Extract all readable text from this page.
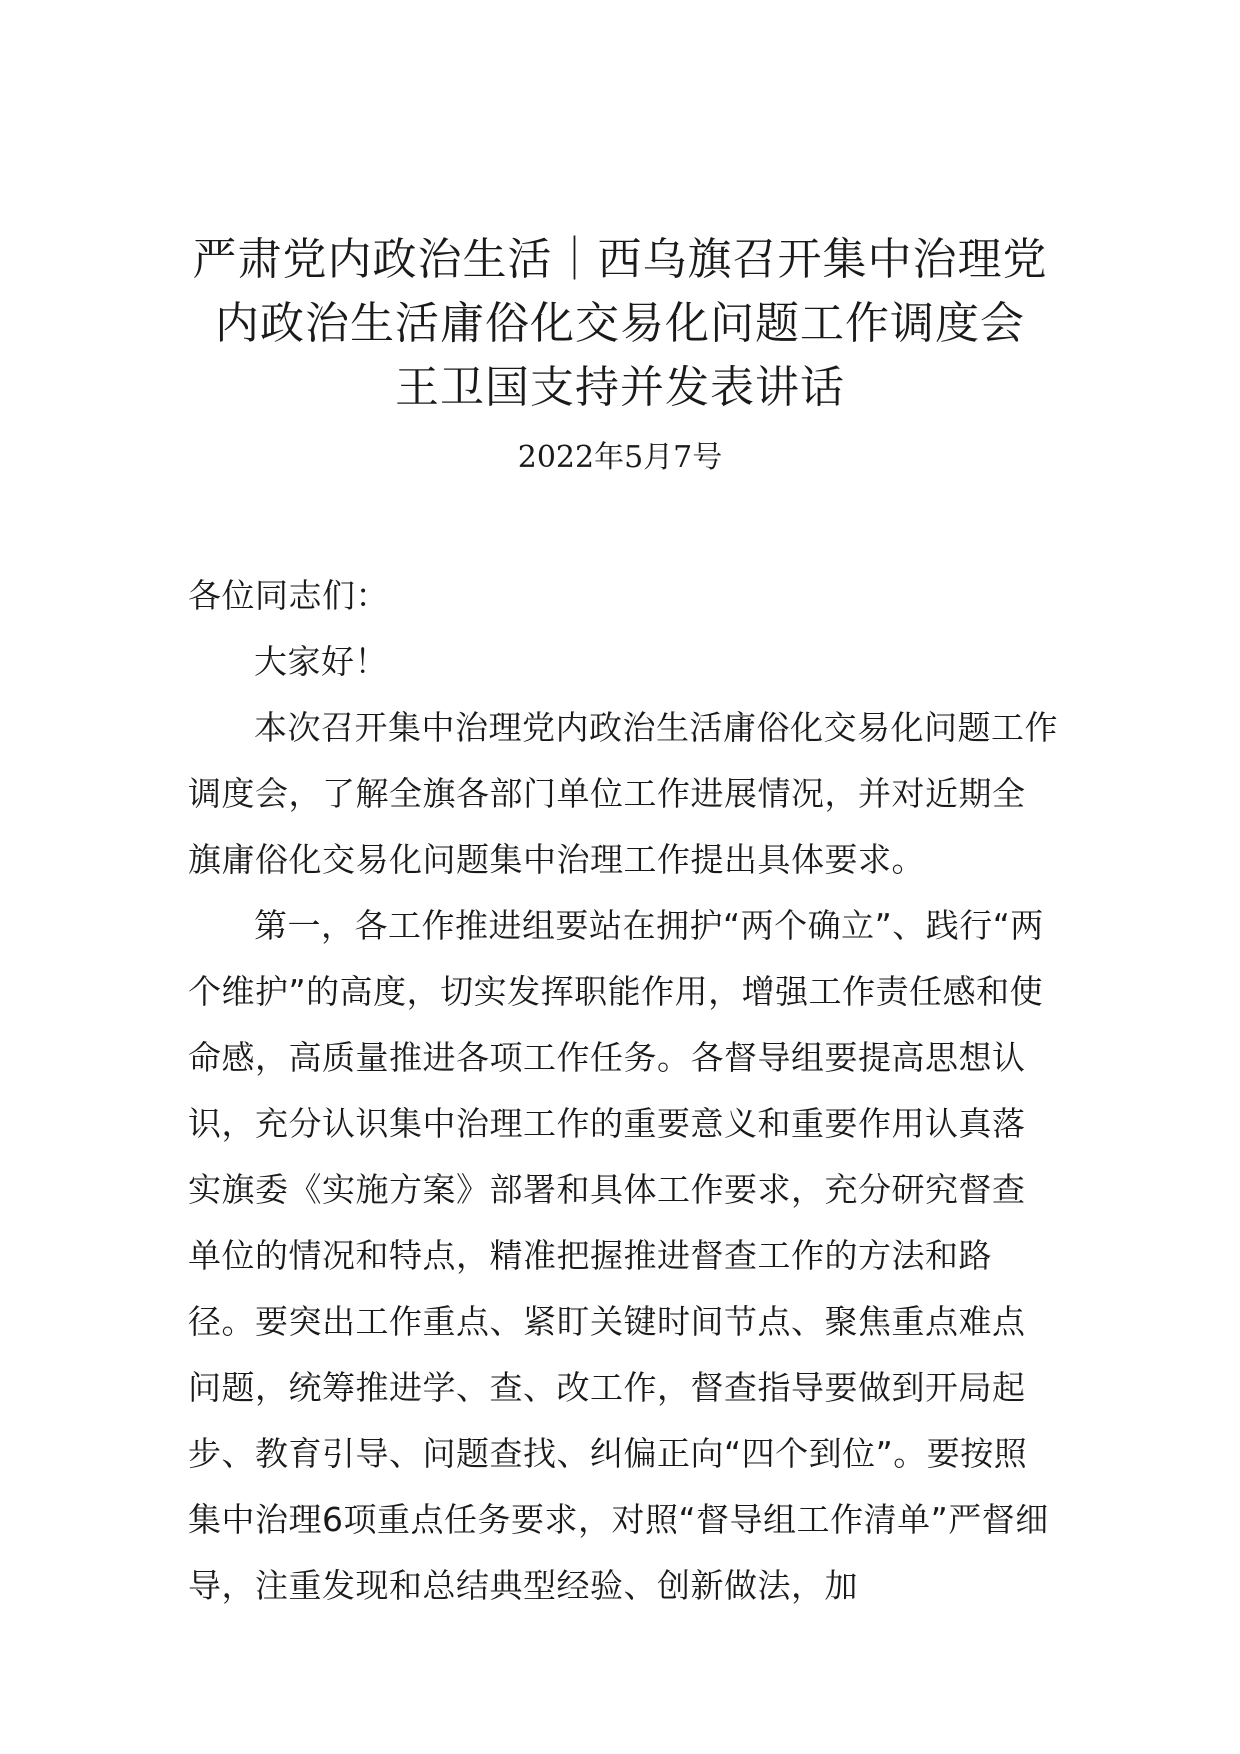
严肃党内政治生活｜西乌旗召开集中治理党内政治生活庸俗化交易化问题工作调度会 王卫国支持并发表讲话
2022年5月7号

各位同志们：

大家好！

本次召开集中治理党内政治生活庸俗化交易化问题工作调度会，了解全旗各部门单位工作进展情况，并对近期全旗庸俗化交易化问题集中治理工作提出具体要求。

第一，各工作推进组要站在拥护“两个确立”、践行“两个维护”的高度，切实发挥职能作用，增强工作责任感和使命感，高质量推进各项工作任务。各督导组要提高思想认识，充分认识集中治理工作的重要意义和重要作用认真落实旗委《实施方案》部署和具体工作要求，充分研究督查单位的情况和特点，精准把握推进督查工作的方法和路径。要突出工作重点、紧盯关键时间节点、聚焦重点难点问题，统筹推进学、查、改工作，督查指导要做到开局起步、教育引导、问题查找、纠偏正向“四个到位”。要按照集中治理6项重点任务要求，对照“督导组工作清单”严督细导，注重发现和总结典型经验、创新做法，加
